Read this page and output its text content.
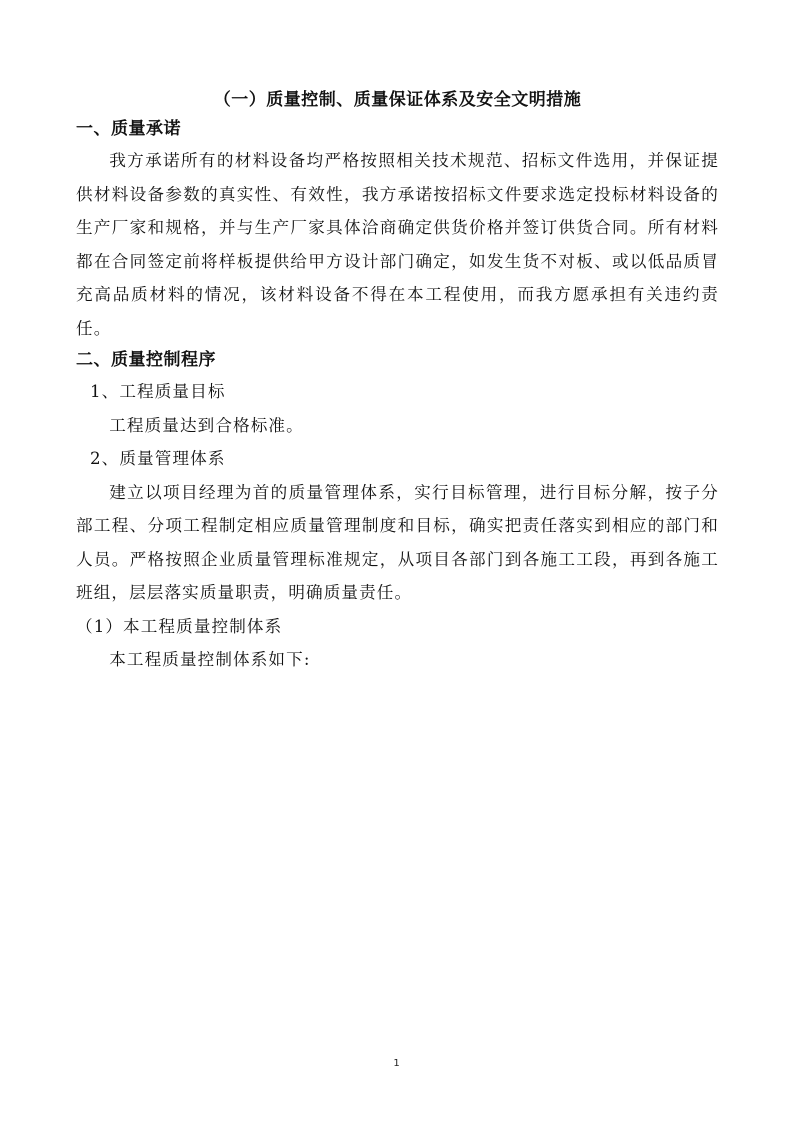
（一）质量控制、质量保证体系及安全文明措施

一、质量承诺

我方承诺所有的材料设备均严格按照相关技术规范、招标文件选用，并保证提供材料设备参数的真实性、有效性，我方承诺按招标文件要求选定投标材料设备的生产厂家和规格，并与生产厂家具体洽商确定供货价格并签订供货合同。所有材料都在合同签定前将样板提供给甲方设计部门确定，如发生货不对板、或以低品质冒充高品质材料的情况，该材料设备不得在本工程使用，而我方愿承担有关违约责任。

二、质量控制程序

1、工程质量目标

工程质量达到合格标准。

2、质量管理体系

建立以项目经理为首的质量管理体系，实行目标管理，进行目标分解，按子分部工程、分项工程制定相应质量管理制度和目标，确实把责任落实到相应的部门和人员。严格按照企业质量管理标准规定，从项目各部门到各施工工段，再到各施工班组，层层落实质量职责，明确质量责任。

（1）本工程质量控制体系

本工程质量控制体系如下:

1
